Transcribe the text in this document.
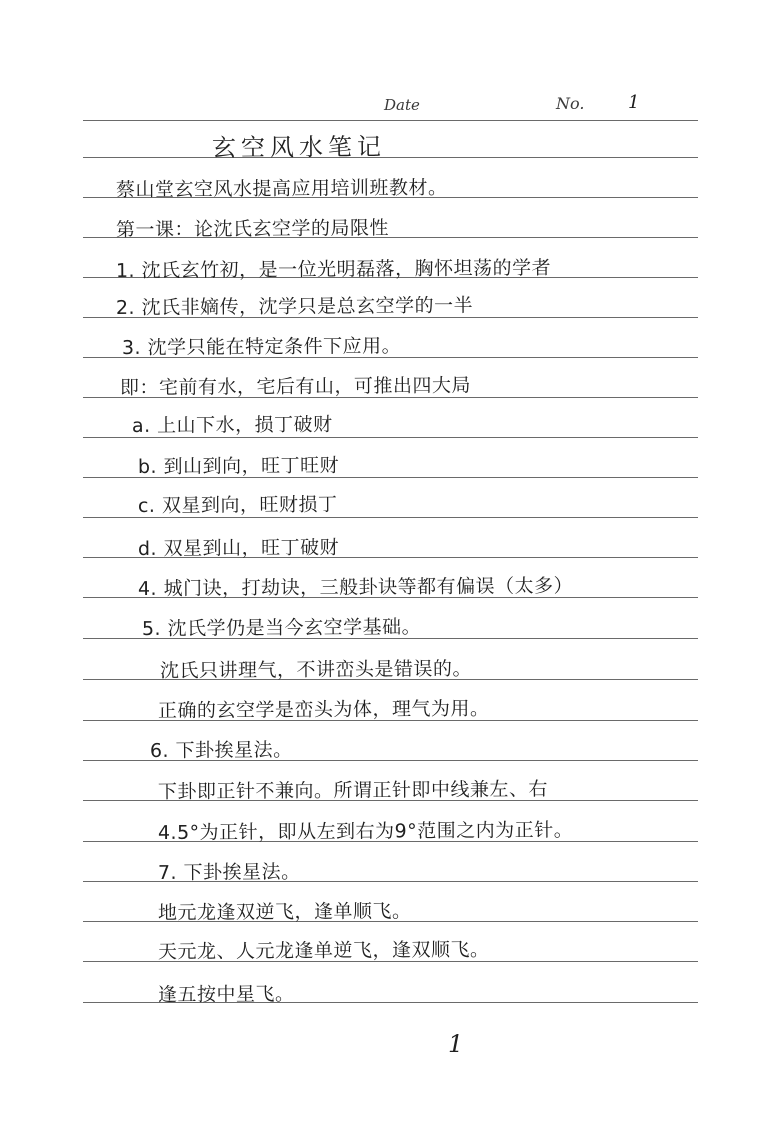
Date	No. 1
玄空风水笔记
蔡山堂玄空风水提高应用培训班教材。
第一课：论沈氏玄空学的局限性
1. 沈氏玄竹初，是一位光明磊落，胸怀坦荡的学者
2. 沈氏非嫡传，沈学只是总玄空学的一半
3. 沈学只能在特定条件下应用。
即：宅前有水，宅后有山，可推出四大局
a. 上山下水，损丁破财
b. 到山到向，旺丁旺财
c. 双星到向，旺财损丁
d. 双星到山，旺丁破财
4. 城门诀，打劫诀，三般卦诀等都有偏误（太多）
5. 沈氏学仍是当今玄空学基础。
沈氏只讲理气，不讲峦头是错误的。
正确的玄空学是峦头为体，理气为用。
6. 下卦挨星法。
下卦即正针不兼向。所谓正针即中线兼左、右
4.5°为正针，即从左到右为9°范围之内为正针。
7. 下卦挨星法。
地元龙逢双逆飞，逢单顺飞。
天元龙、人元龙逢单逆飞，逢双顺飞。
逢五按中星飞。
1
